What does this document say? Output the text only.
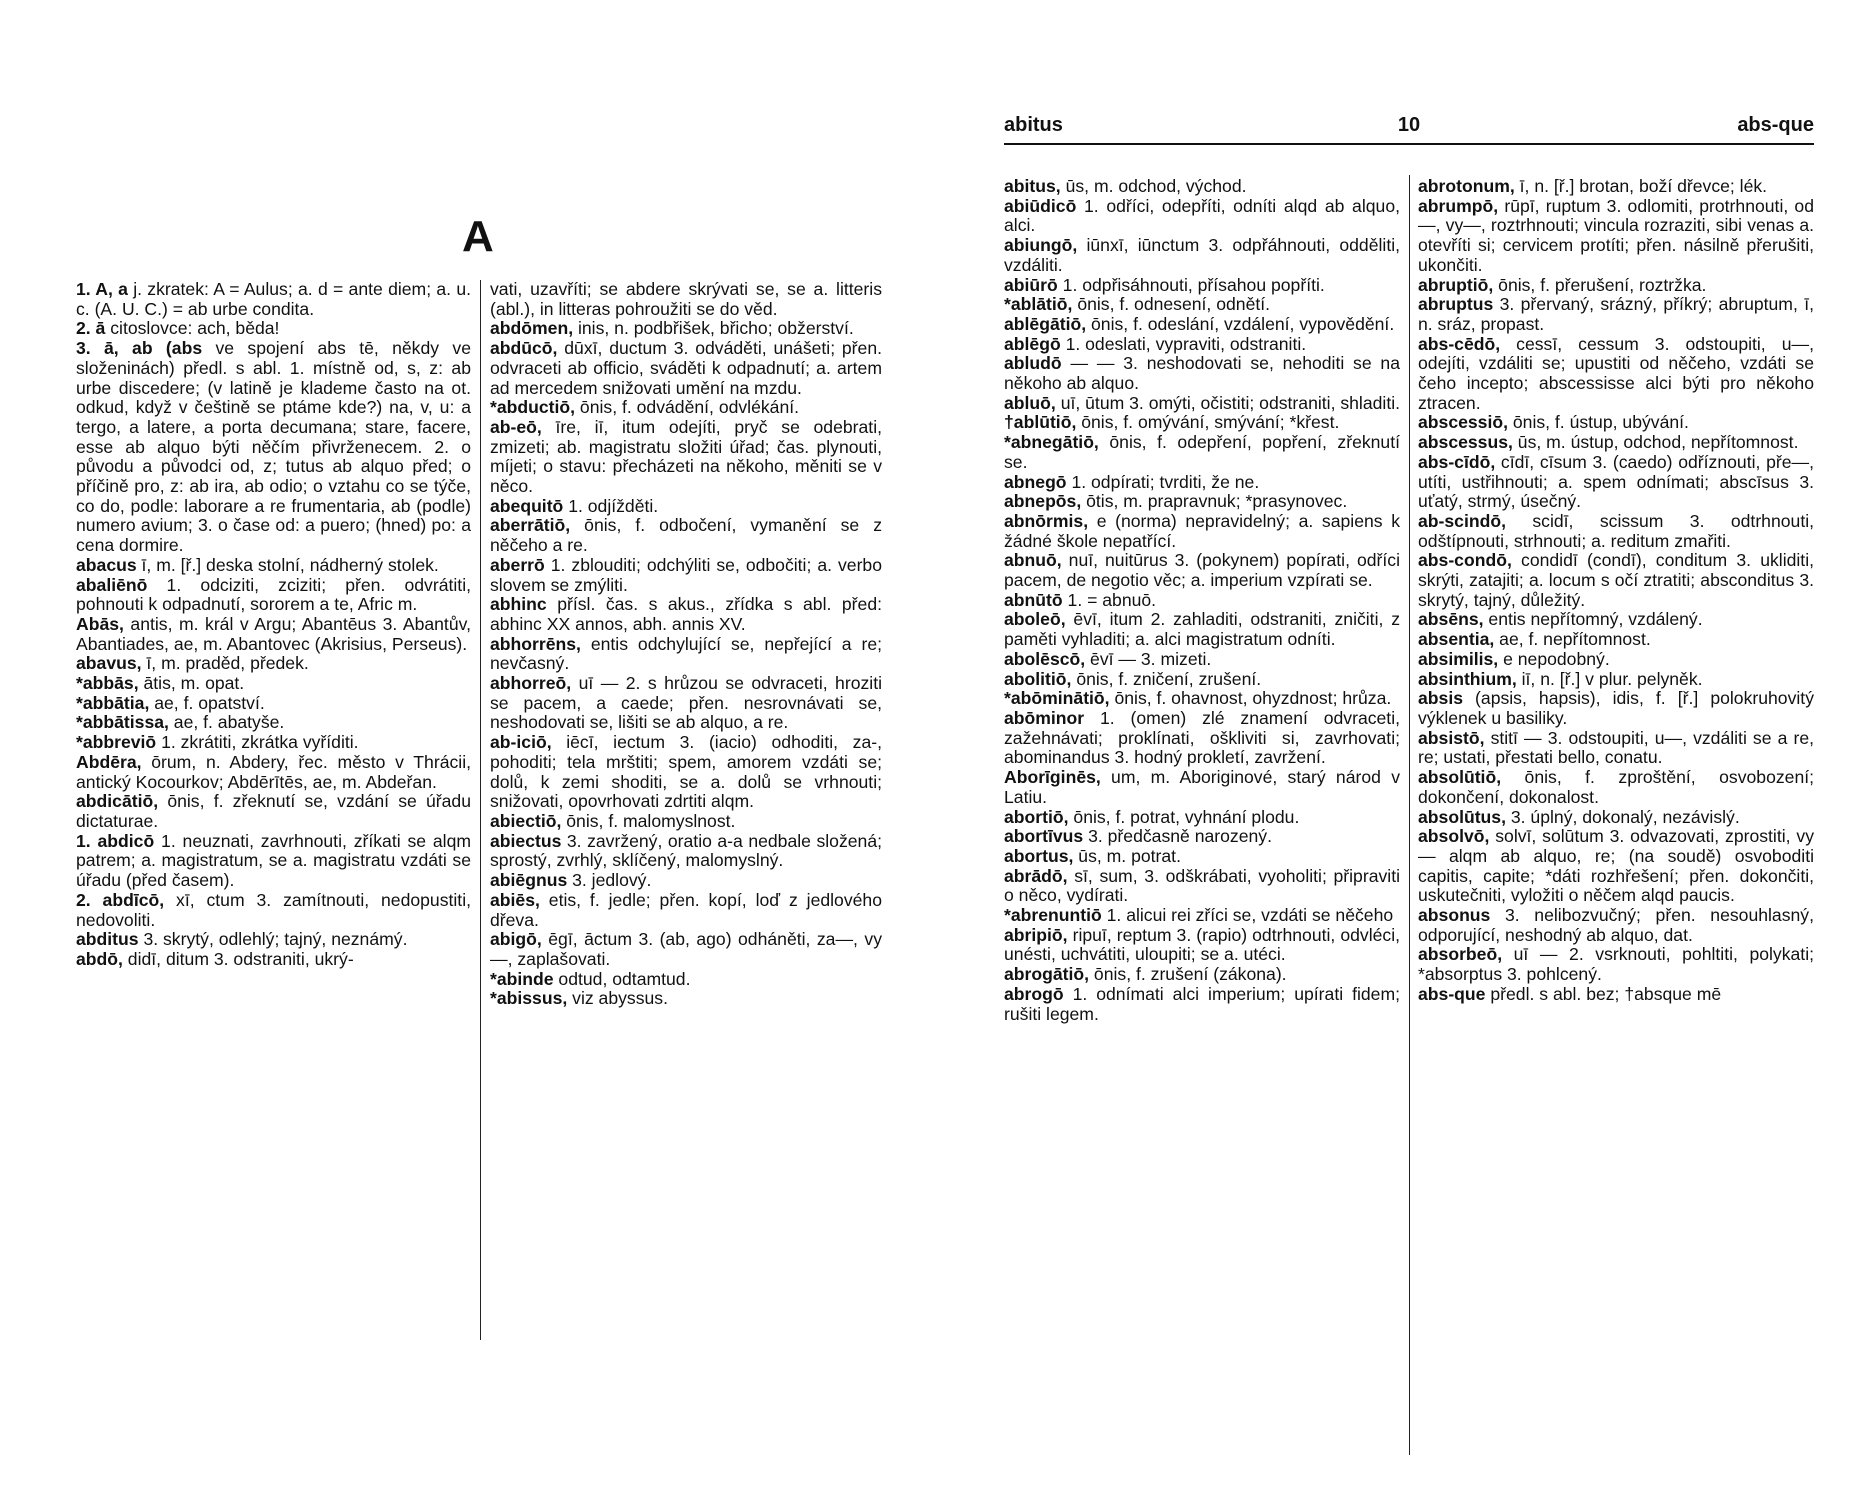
A

1. A, a j. zkratek: A = Aulus; a. d = ante diem; a. u. c. (A. U. C.) = ab urbe condita.

2. ā citoslovce: ach, běda!

3. ā, ab (abs ve spojení abs tē, někdy ve složeninách) předl. s abl. 1. místně od, s, z: ab urbe discedere; (v latině je klademe často na ot. odkud, když v češtině se ptáme kde?) na, v, u: a tergo, a latere, a porta decumana; stare, facere, esse ab alquo býti něčím přivrženecem. 2. o původu a původci od, z; tutus ab alquo před; o příčině pro, z: ab ira, ab odio; o vztahu co se týče, co do, podle: laborare a re frumentaria, ab (podle) numero avium; 3. o čase od: a puero; (hned) po: a cena dormire.

abacus ī, m. [ř.] deska stolní, nádherný stolek.

abaliēnō 1. odciziti, zciziti; přen. odvrátiti, pohnouti k odpadnutí, sororem a te, Afric m.

Abās, antis, m. král v Argu; Abantēus 3. Abantův, Abantiades, ae, m. Abantovec (Akrisius, Perseus).

abavus, ī, m. praděd, předek.

*abbās, ātis, m. opat.

*abbātia, ae, f. opatství.

*abbātissa, ae, f. abatyše.

*abbreviō 1. zkrátiti, zkrátka vyříditi.

Abdēra, ōrum, n. Abdery, řec. město v Thrácii, antický Kocourkov; Abdērītēs, ae, m. Abdeřan.

abdicātiō, ōnis, f. zřeknutí se, vzdání se úřadu dictaturae.

1. abdicō 1. neuznati, zavrhnouti, zříkati se alqm patrem; a. magistratum, se a. magistratu vzdáti se úřadu (před časem).

2. abdīcō, xī, ctum 3. zamítnouti, nedopustiti, nedovoliti.

abditus 3. skrytý, odlehlý; tajný, neznámý.

abdō, didī, ditum 3. odstraniti, ukrý-

vati, uzavříti; se abdere skrývati se, se a. litteris (abl.), in litteras pohroužiti se do věd.

abdōmen, inis, n. podbřišek, břicho; obžerství.

abdūcō, dūxī, ductum 3. odváděti, unášeti; přen. odvraceti ab officio, sváděti k odpadnutí; a. artem ad mercedem snižovati umění na mzdu.

*abductiō, ōnis, f. odvádění, odvlékání.

ab-eō, īre, iī, itum odejíti, pryč se odebrati, zmizeti; ab. magistratu složiti úřad; čas. plynouti, míjeti; o stavu: přecházeti na někoho, měniti se v něco.

abequitō 1. odjížděti.

aberrātiō, ōnis, f. odbočení, vymanění se z něčeho a re.

aberrō 1. zblouditi; odchýliti se, odbočiti; a. verbo slovem se zmýliti.

abhinc přísl. čas. s akus., zřídka s abl. před: abhinc XX annos, abh. annis XV.

abhorrēns, entis odchylující se, nepřející a re; nevčasný.

abhorreō, uī — 2. s hrůzou se odvraceti, hroziti se pacem, a caede; přen. nesrovnávati se, neshodovati se, lišiti se ab alquo, a re.

ab-iciō, iēcī, iectum 3. (iacio) odhoditi, za-, pohoditi; tela mrštiti; spem, amorem vzdáti se; dolů, k zemi shoditi, se a. dolů se vrhnouti; snižovati, opovrhovati zdrtiti alqm.

abiectiō, ōnis, f. malomyslnost.

abiectus 3. zavržený, oratio a-a nedbale složená; sprostý, zvrhlý, sklíčený, malomyslný.

abiēgnus 3. jedlový.

abiēs, etis, f. jedle; přen. kopí, loď z jedlového dřeva.

abigō, ēgī, āctum 3. (ab, ago) odháněti, za—, vy—, zaplašovati.

*abinde odtud, odtamtud.

*abissus, viz abyssus.

abitus	10	abs-que

abitus, ūs, m. odchod, východ.

abiūdicō 1. odříci, odepříti, odníti alqd ab alquo, alci.

abiungō, iūnxī, iūnctum 3. odpřáhnouti, odděliti, vzdáliti.

abiūrō 1. odpřisáhnouti, přísahou popříti.

*ablātiō, ōnis, f. odnesení, odnětí.

ablēgātiō, ōnis, f. odeslání, vzdálení, vypovědění.

ablēgō 1. odeslati, vypraviti, odstraniti.

abludō — — 3. neshodovati se, nehoditi se na někoho ab alquo.

abluō, uī, ūtum 3. omýti, očistiti; odstraniti, shladiti.

†ablūtiō, ōnis, f. omývání, smývání; *křest.

*abnegātiō, ōnis, f. odepření, popření, zřeknutí se.

abnegō 1. odpírati; tvrditi, že ne.

abnepōs, ōtis, m. prapravnuk; *prasynovec.

abnōrmis, e (norma) nepravidelný; a. sapiens k žádné škole nepatřící.

abnuō, nuī, nuitūrus 3. (pokynem) popírati, odříci pacem, de negotio věc; a. imperium vzpírati se.

abnūtō 1. = abnuō.

aboleō, ēvī, itum 2. zahladiti, odstraniti, zničiti, z paměti vyhladiti; a. alci magistratum odníti.

abolēscō, ēvī — 3. mizeti.

abolitiō, ōnis, f. zničení, zrušení.

*abōminātiō, ōnis, f. ohavnost, ohyzdnost; hrůza.

abōminor 1. (omen) zlé znamení odvraceti, zažehnávati; proklínati, oškliviti si, zavrhovati; abominandus 3. hodný prokletí, zavržení.

Aborīginēs, um, m. Aboriginové, starý národ v Latiu.

abortiō, ōnis, f. potrat, vyhnání plodu.

abortīvus 3. předčasně narozený.

abortus, ūs, m. potrat.

abrādō, sī, sum, 3. odškrábati, vyoholiti; připraviti o něco, vydírati.

*abrenuntiō 1. alicui rei zříci se, vzdáti se něčeho

abripiō, ripuī, reptum 3. (rapio) odtrhnouti, odvléci, unésti, uchvátiti, uloupiti; se a. utéci.

abrogātiō, ōnis, f. zrušení (zákona).

abrogō 1. odnímati alci imperium; upírati fidem; rušiti legem.

abrotonum, ī, n. [ř.] brotan, boží dřevce; lék.

abrumpō, rūpī, ruptum 3. odlomiti, protrhnouti, od—, vy—, roztrhnouti; vincula rozraziti, sibi venas a. otevříti si; cervicem protíti; přen. násilně přerušiti, ukončiti.

abruptiō, ōnis, f. přerušení, roztržka.

abruptus 3. přervaný, srázný, příkrý; abruptum, ī, n. sráz, propast.

abs-cēdō, cessī, cessum 3. odstoupiti, u—, odejíti, vzdáliti se; upustiti od něčeho, vzdáti se čeho incepto; abscessisse alci býti pro někoho ztracen.

abscessiō, ōnis, f. ústup, ubývání.

abscessus, ūs, m. ústup, odchod, nepřítomnost.

abs-cīdō, cīdī, cīsum 3. (caedo) odříznouti, pře—, utíti, ustřihnouti; a. spem odnímati; abscīsus 3. uťatý, strmý, úsečný.

ab-scindō, scidī, scissum 3. odtrhnouti, odštípnouti, strhnouti; a. reditum zmařiti.

abs-condō, condidī (condī), conditum 3. ukliditi, skrýti, zatajiti; a. locum s očí ztratiti; absconditus 3. skrytý, tajný, důležitý.

absēns, entis nepřítomný, vzdálený.

absentia, ae, f. nepřítomnost.

absimilis, e nepodobný.

absinthium, iī, n. [ř.] v plur. pelyněk.

absis (apsis, hapsis), idis, f. [ř.] polokruhovitý výklenek u basiliky.

absistō, stitī — 3. odstoupiti, u—, vzdáliti se a re, re; ustati, přestati bello, conatu.

absolūtiō, ōnis, f. zproštění, osvobození; dokončení, dokonalost.

absolūtus, 3. úplný, dokonalý, nezávislý.

absolvō, solvī, solūtum 3. odvazovati, zprostiti, vy— alqm ab alquo, re; (na soudě) osvoboditi capitis, capite; *dáti rozhřešení; přen. dokončiti, uskutečniti, vyložiti o něčem alqd paucis.

absonus 3. nelibozvučný; přen. nesouhlasný, odporující, neshodný ab alquo, dat.

absorbeō, uī — 2. vsrknouti, pohltiti, polykati; *absorptus 3. pohlcený.

abs-que předl. s abl. bez; †absque mē
